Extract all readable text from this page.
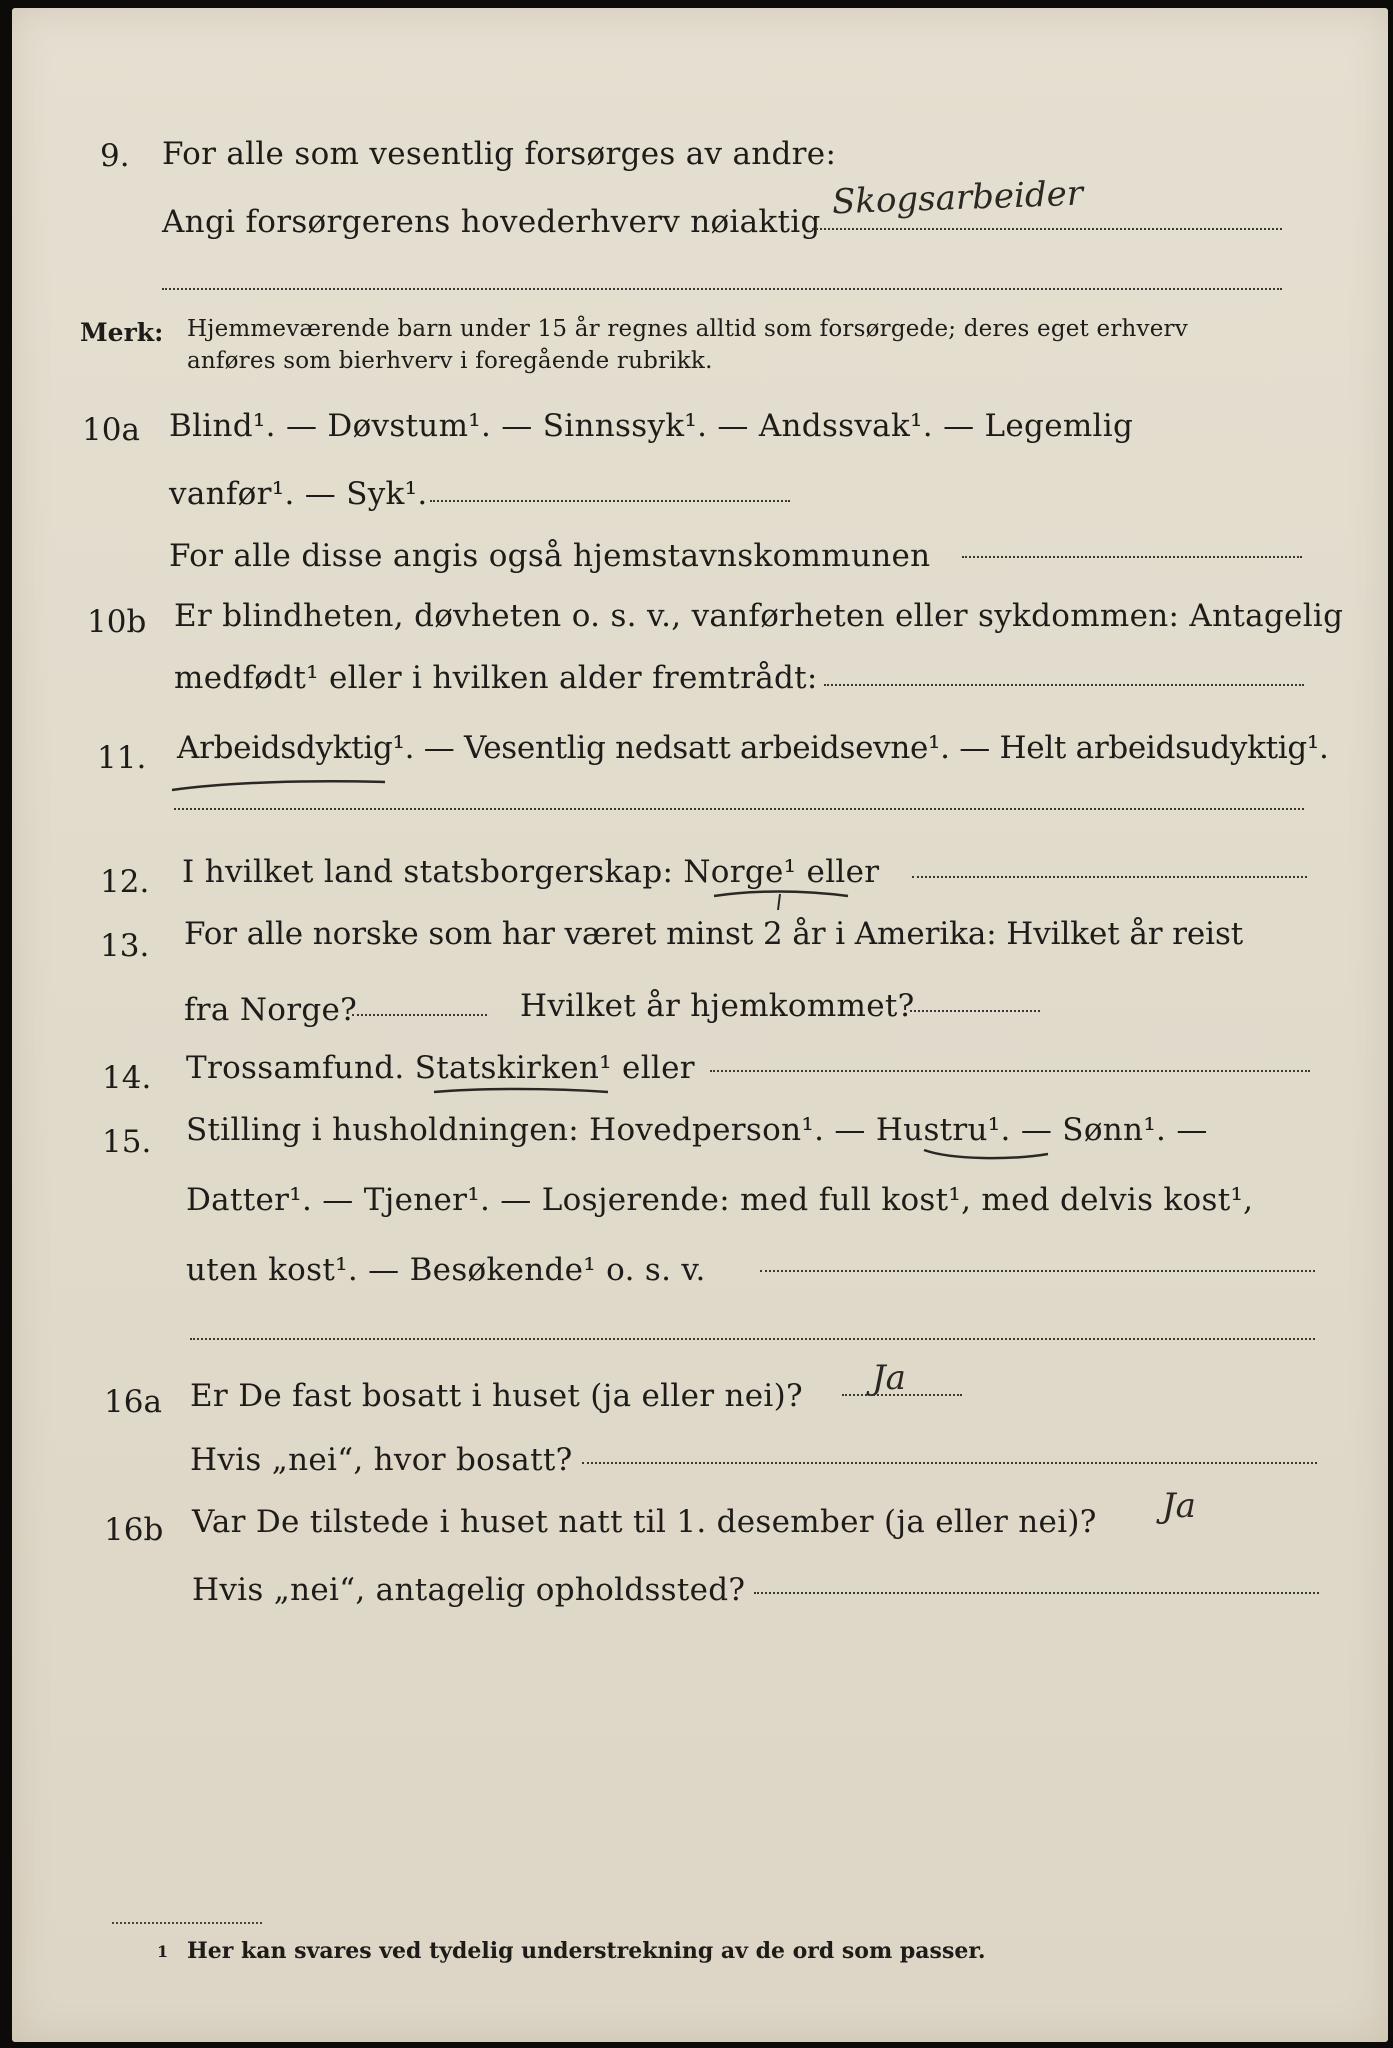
9. For alle som vesentlig forsørges av andre:
Angi forsørgerens hovederhverv nøiaktig Skogsarbeider
Merk: Hjemmeværende barn under 15 år regnes alltid som forsørgede; deres eget erhverv
anføres som bierhverv i foregående rubrikk.
10a Blind¹. — Døvstum¹. — Sinnssyk¹. — Andssvak¹. — Legemlig
vanfør¹. — Syk¹.
For alle disse angis også hjemstavnskommunen
10b Er blindheten, døvheten o. s. v., vanførheten eller sykdommen: Antagelig
medfødt¹ eller i hvilken alder fremtrådt:
11. Arbeidsdyktig¹. — Vesentlig nedsatt arbeidsevne¹. — Helt arbeidsudyktig¹.
12. I hvilket land statsborgerskap: Norge¹ eller
13. For alle norske som har været minst 2 år i Amerika: Hvilket år reist
fra Norge?	Hvilket år hjemkommet?
14. Trossamfund. Statskirken¹ eller
15. Stilling i husholdningen: Hovedperson¹. — Hustru¹. — Sønn¹. —
Datter¹. — Tjener¹. — Losjerende: med full kost¹, med delvis kost¹,
uten kost¹. — Besøkende¹ o. s. v.
16a Er De fast bosatt i huset (ja eller nei)? Ja
Hvis „nei“, hvor bosatt?
16b Var De tilstede i huset natt til 1. desember (ja eller nei)? Ja
Hvis „nei“, antagelig opholdssted?
1 Her kan svares ved tydelig understrekning av de ord som passer.
